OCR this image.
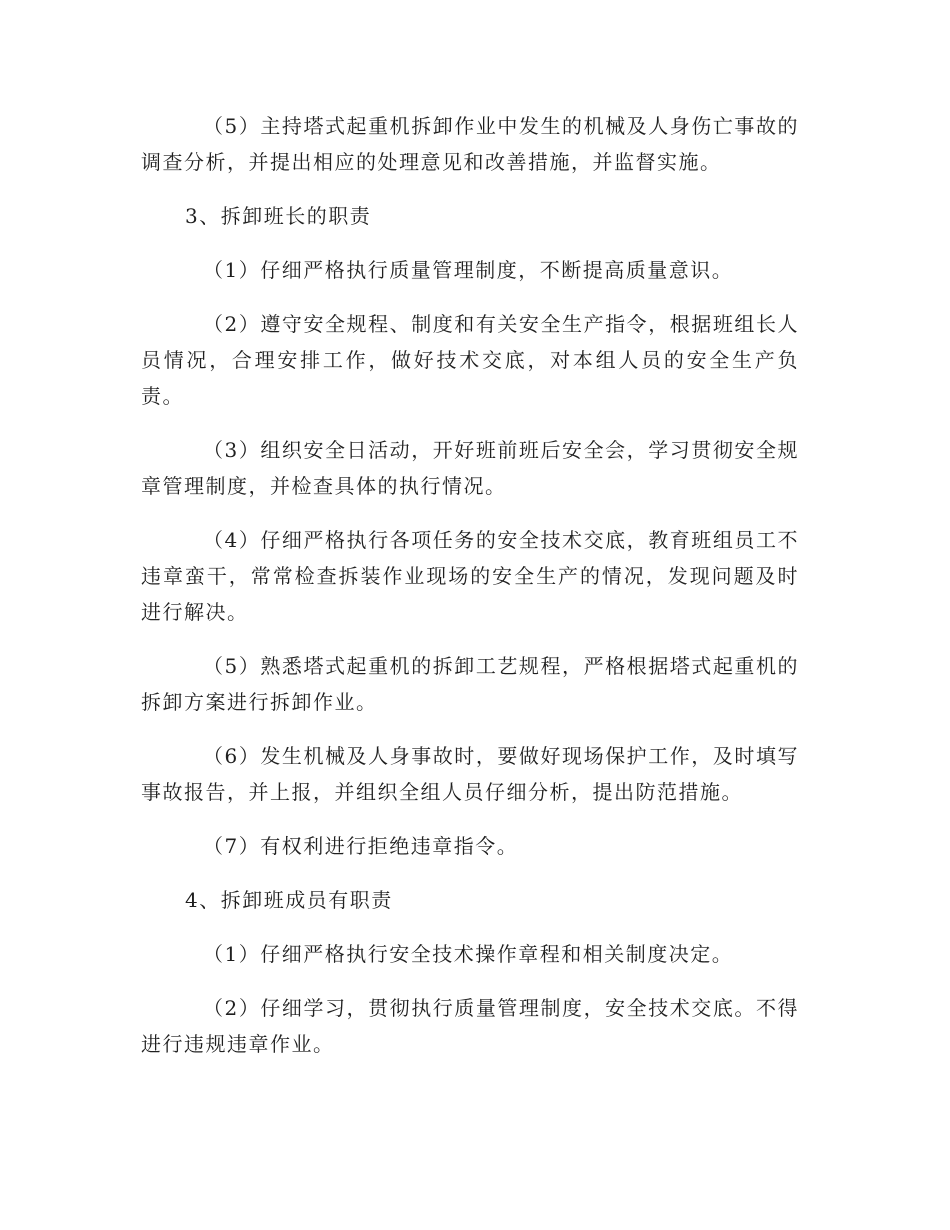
（5）主持塔式起重机拆卸作业中发生的机械及人身伤亡事故的调查分析，并提出相应的处理意见和改善措施，并监督实施。

3、拆卸班长的职责

（1）仔细严格执行质量管理制度，不断提高质量意识。

（2）遵守安全规程、制度和有关安全生产指令，根据班组长人员情况，合理安排工作，做好技术交底，对本组人员的安全生产负责。

（3）组织安全日活动，开好班前班后安全会，学习贯彻安全规章管理制度，并检查具体的执行情况。

（4）仔细严格执行各项任务的安全技术交底，教育班组员工不违章蛮干，常常检查拆装作业现场的安全生产的情况，发现问题及时进行解决。

（5）熟悉塔式起重机的拆卸工艺规程，严格根据塔式起重机的拆卸方案进行拆卸作业。

（6）发生机械及人身事故时，要做好现场保护工作，及时填写事故报告，并上报，并组织全组人员仔细分析，提出防范措施。

（7）有权利进行拒绝违章指令。

4、拆卸班成员有职责

（1）仔细严格执行安全技术操作章程和相关制度决定。

（2）仔细学习，贯彻执行质量管理制度，安全技术交底。不得进行违规违章作业。
